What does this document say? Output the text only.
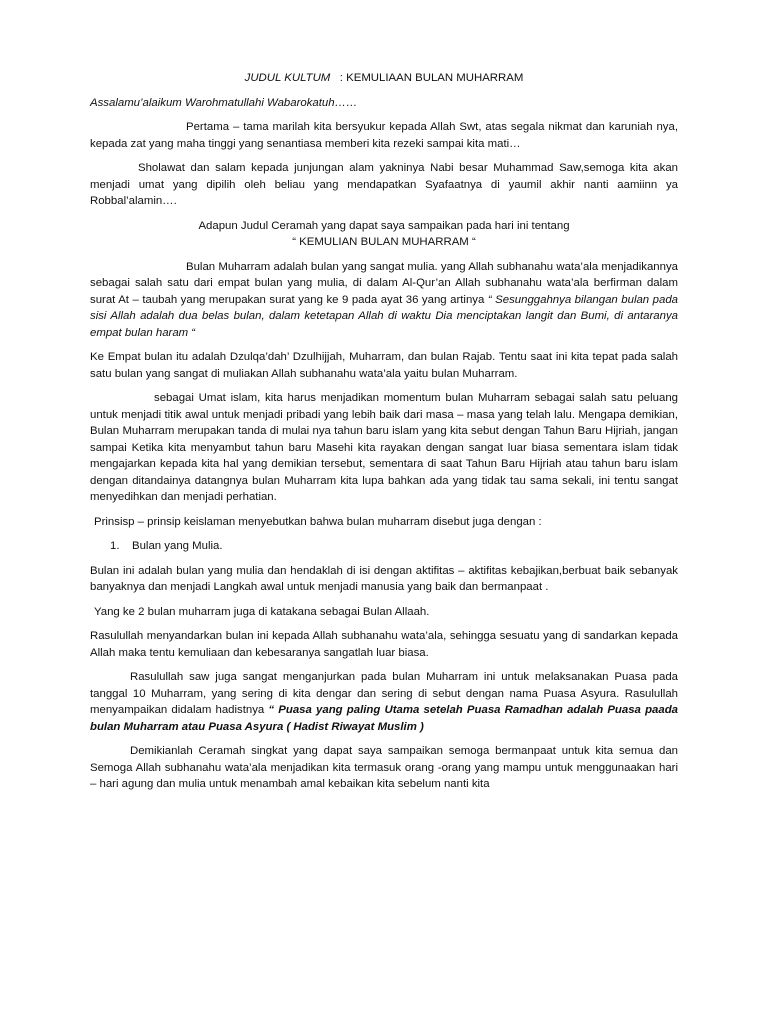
JUDUL KULTUM   : KEMULIAAN BULAN MUHARRAM
Assalamu’alaikum Warohmatullahi Wabarokatuh……

Pertama – tama marilah kita bersyukur kepada Allah Swt, atas segala nikmat dan karuniah nya, kepada zat yang maha tinggi yang senantiasa memberi kita rezeki sampai kita mati…

Sholawat dan salam kepada junjungan alam yakninya Nabi besar Muhammad Saw,semoga kita akan menjadi umat yang dipilih oleh beliau yang mendapatkan Syafaatnya di yaumil akhir nanti aamiinn ya Robbal’alamin….

Adapun Judul Ceramah yang dapat saya sampaikan pada hari ini tentang
“ KEMULIAN BULAN MUHARRAM “

Bulan Muharram adalah bulan yang sangat mulia. yang Allah subhanahu wata’ala menjadikannya sebagai salah satu dari empat bulan yang mulia, di dalam Al-Qur’an Allah subhanahu wata’ala berfirman dalam surat At – taubah yang merupakan surat yang ke 9 pada ayat 36 yang artinya “ Sesunggahnya bilangan bulan pada sisi Allah adalah dua belas bulan, dalam ketetapan Allah di waktu Dia menciptakan langit dan Bumi, di antaranya empat bulan haram “

Ke Empat bulan itu adalah Dzulqa’dah’ Dzulhijjah, Muharram, dan bulan Rajab. Tentu saat ini kita tepat pada salah satu bulan yang sangat di muliakan Allah subhanahu wata’ala yaitu bulan Muharram.

sebagai Umat islam, kita harus menjadikan momentum bulan Muharram sebagai salah satu peluang untuk menjadi titik awal untuk menjadi pribadi yang lebih baik dari masa – masa yang telah lalu. Mengapa demikian, Bulan Muharram merupakan tanda di mulai nya tahun baru islam yang kita sebut dengan Tahun Baru Hijriah, jangan sampai Ketika kita menyambut tahun baru Masehi kita rayakan dengan sangat luar biasa sementara islam tidak mengajarkan kepada kita hal yang demikian tersebut, sementara di saat Tahun Baru Hijriah atau tahun baru islam dengan ditandainya datangnya bulan Muharram kita lupa bahkan ada yang tidak tau sama sekali, ini tentu sangat menyedihkan dan menjadi perhatian.

Prinsisp – prinsip keislaman menyebutkan bahwa bulan muharram disebut juga dengan :

1. Bulan yang Mulia.

Bulan ini adalah bulan yang mulia dan hendaklah di isi dengan aktifitas – aktifitas kebajikan,berbuat baik sebanyak banyaknya dan menjadi Langkah awal untuk menjadi manusia yang baik dan bermanpaat .

Yang ke 2 bulan muharram juga di katakana sebagai Bulan Allaah.

Rasulullah menyandarkan bulan ini kepada Allah subhanahu wata’ala, sehingga sesuatu yang di sandarkan kepada Allah maka tentu kemuliaan dan kebesaranya sangatlah luar biasa.

Rasulullah saw juga sangat menganjurkan pada bulan Muharram ini untuk melaksanakan Puasa pada tanggal 10 Muharram, yang sering di kita dengar dan sering di sebut dengan nama Puasa Asyura. Rasulullah menyampaikan didalam hadistnya “ Puasa yang paling Utama setelah Puasa Ramadhan adalah Puasa paada bulan Muharram atau Puasa Asyura ( Hadist Riwayat Muslim )

Demikianlah Ceramah singkat yang dapat saya sampaikan semoga bermanpaat untuk kita semua dan Semoga Allah subhanahu wata’ala menjadikan kita termasuk orang -orang yang mampu untuk menggunaakan hari – hari agung dan mulia untuk menambah amal kebaikan kita sebelum nanti kita
